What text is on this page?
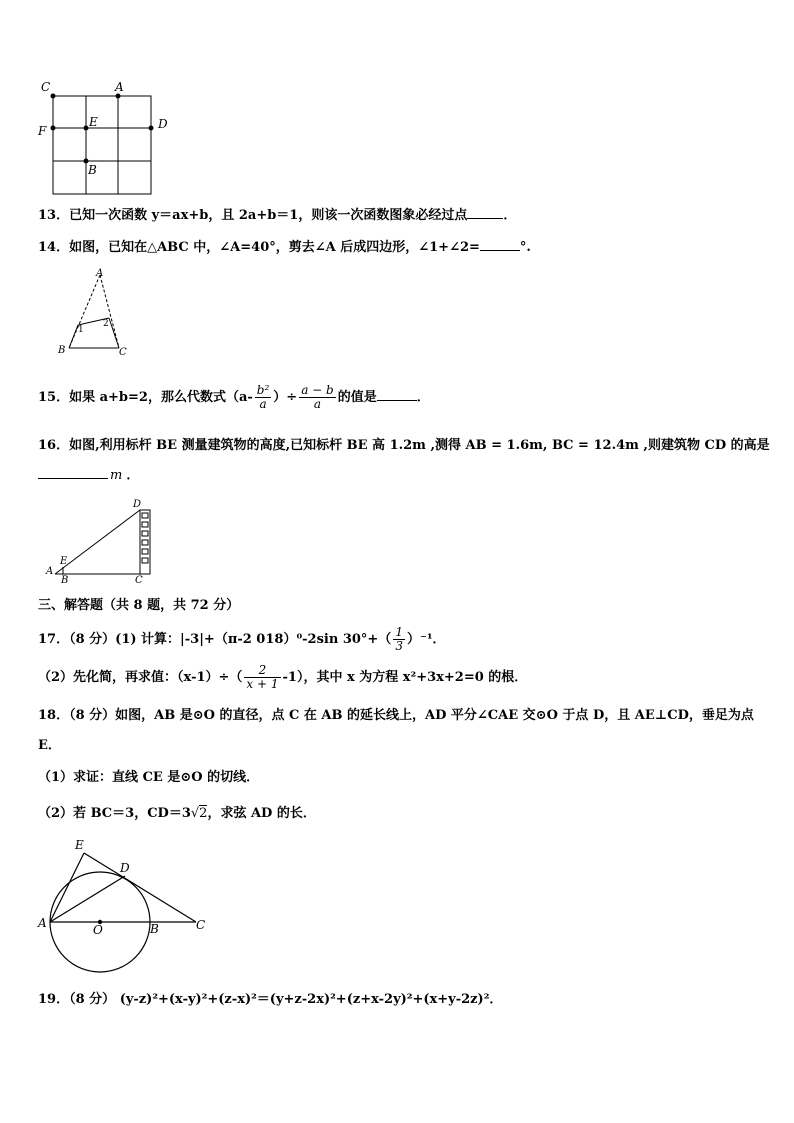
C	A
F
E	D
B
13．已知一次函数 y＝ax+b，且 2a+b＝1，则该一次函数图象必经过点	．
14．如图，已知在△ABC 中，∠A=40°，剪去∠A 后成四边形，∠1+∠2=	°.
A
B	C
1
2
15．如果 a+b=2，那么代数式（$a- \frac{\text{b²}}{a}$ ）÷ $\frac{a - b}{a}$ 的值是	．
16．如图,利用标杆 BE 测量建筑物的高度,已知标杆 BE 高 1.2m ,测得 AB = 1.6m, BC = 12.4m ,则建筑物 CD 的高是
m ．
D
E
A
B	C
三、解答题（共 8 题，共 72 分）
17．（8 分）(1) 计算：|-3|+（π-2 018）⁰-2sin $30^\circ+( \frac{1}{3} )^{-1}$．
（2）先化简，再求值：$(x-1)\div( \frac{2}{x + 1} -1)$，其中 x 为方程 x²+3x+2=0 的根．
18．（8 分）如图，AB 是⊙O 的直径，点 C 在 AB 的延长线上，AD 平分∠CAE 交⊙O 于点 D，且 AE⊥CD，垂足为点
E．
（1）求证：直线 CE 是⊙O 的切线．
（2）若 BC＝3，CD＝3√2，求弦 AD 的长．
E
D
A	O	B	C
19．（8 分） (y-z)²+(x-y)²+(z-x)²＝(y+z-2x)²+(z+x-2y)²+(x+y-2z)²．
